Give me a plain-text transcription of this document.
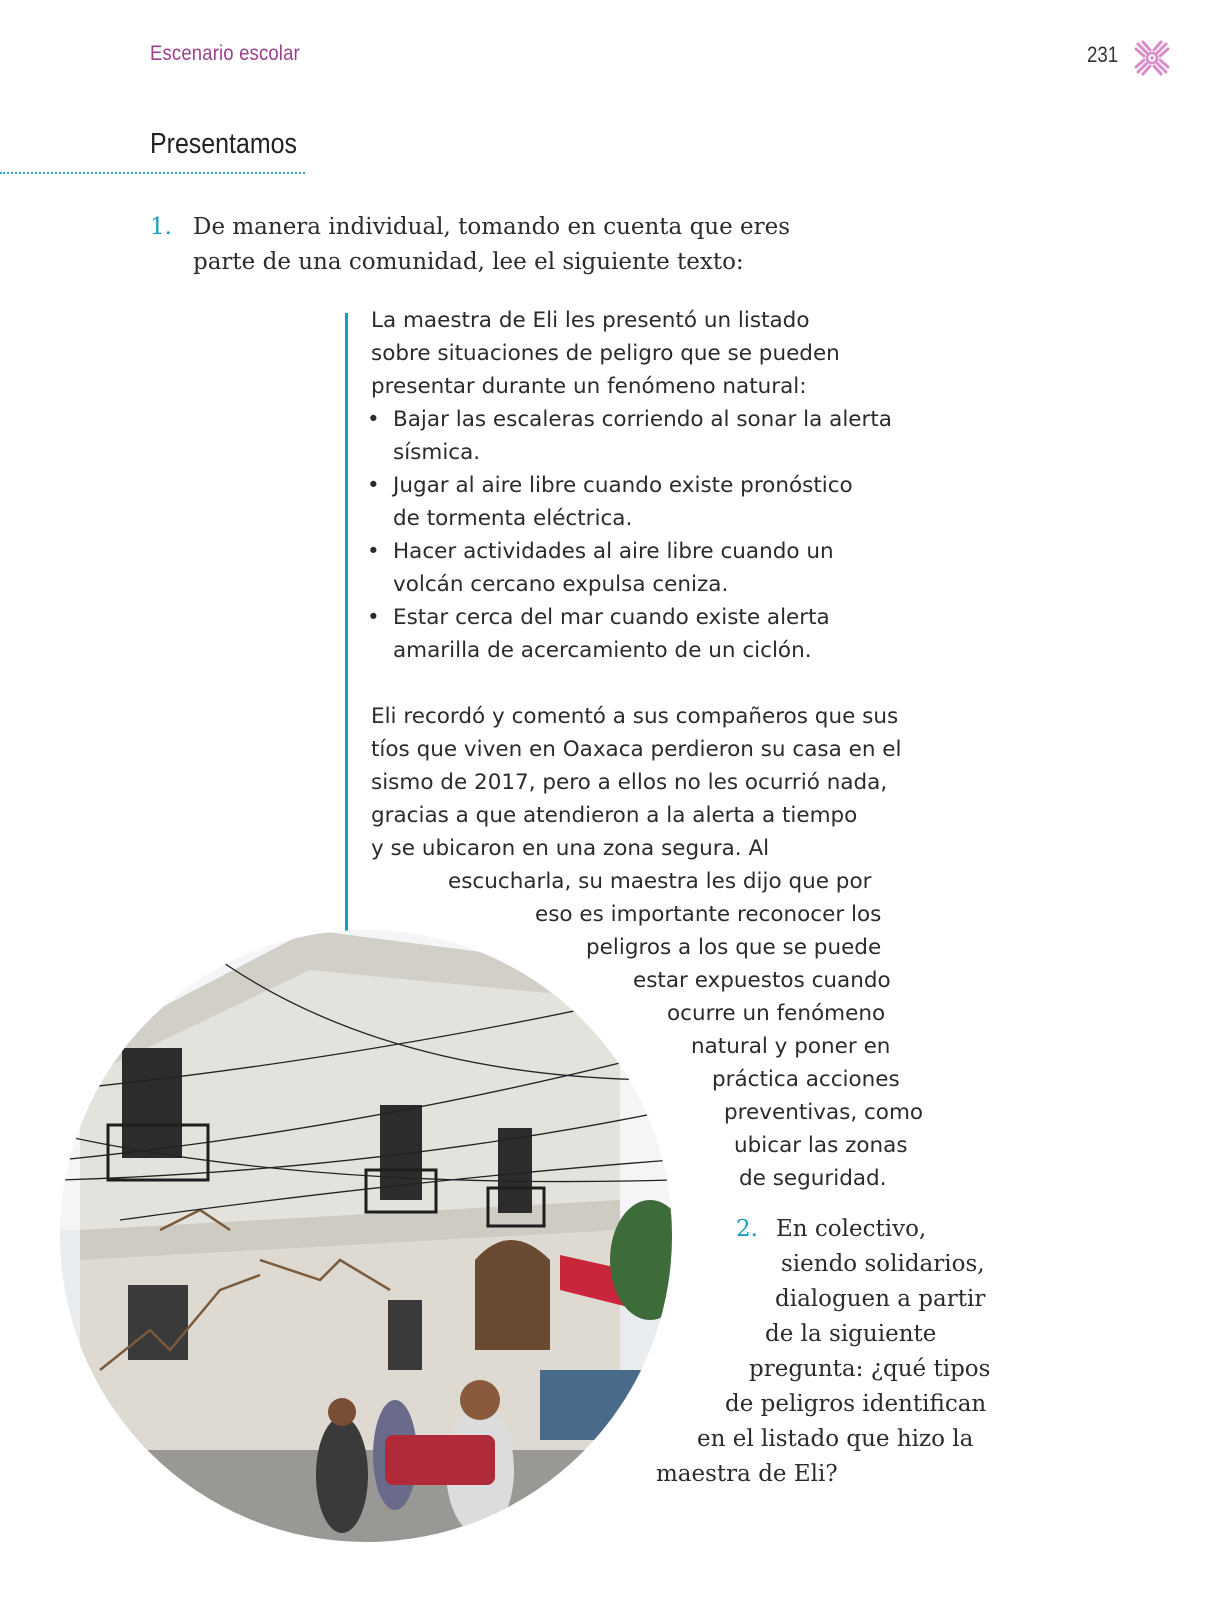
Escenario escolar	231
Presentamos
1. De manera individual, tomando en cuenta que eres
parte de una comunidad, lee el siguiente texto:
La maestra de Eli les presentó un listado
sobre situaciones de peligro que se pueden
presentar durante un fenómeno natural:
• Bajar las escaleras corriendo al sonar la alerta
sísmica.
• Jugar al aire libre cuando existe pronóstico
de tormenta eléctrica.
• Hacer actividades al aire libre cuando un
volcán cercano expulsa ceniza.
• Estar cerca del mar cuando existe alerta
amarilla de acercamiento de un ciclón.
Eli recordó y comentó a sus compañeros que sus
tíos que viven en Oaxaca perdieron su casa en el
sismo de 2017, pero a ellos no les ocurrió nada,
gracias a que atendieron a la alerta a tiempo
y se ubicaron en una zona segura. Al
escucharla, su maestra les dijo que por
eso es importante reconocer los
peligros a los que se puede
estar expuestos cuando
ocurre un fenómeno
natural y poner en
práctica acciones
preventivas, como
ubicar las zonas
de seguridad.
2. En colectivo,
siendo solidarios,
dialoguen a partir
de la siguiente
pregunta: ¿qué tipos
de peligros identifican
en el listado que hizo la
maestra de Eli?
